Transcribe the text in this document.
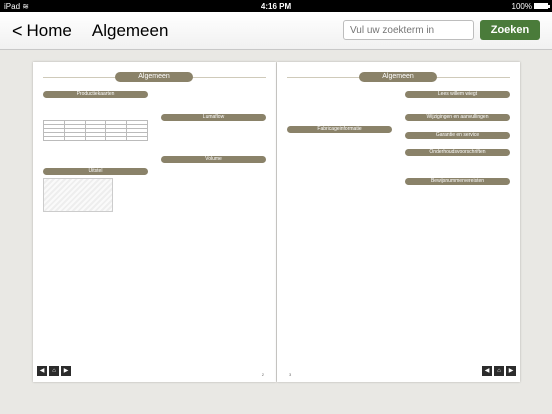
iPad ≋	4:16 PM	100%
< Home Algemeen
Vul uw zoekterm in	Zoeken
Algemeen
Productiekaarten

Uitstel

Lumaflow

Volume

◀	⌂	▶
2
Algemeen

Fabricageinformatie

Lees willem wiegt

Wijzigingen en aanvullingen

Garantie en service

Onderhoudsvoorschriften

Bewijsnummervereisten

3
◀	⌂	▶
